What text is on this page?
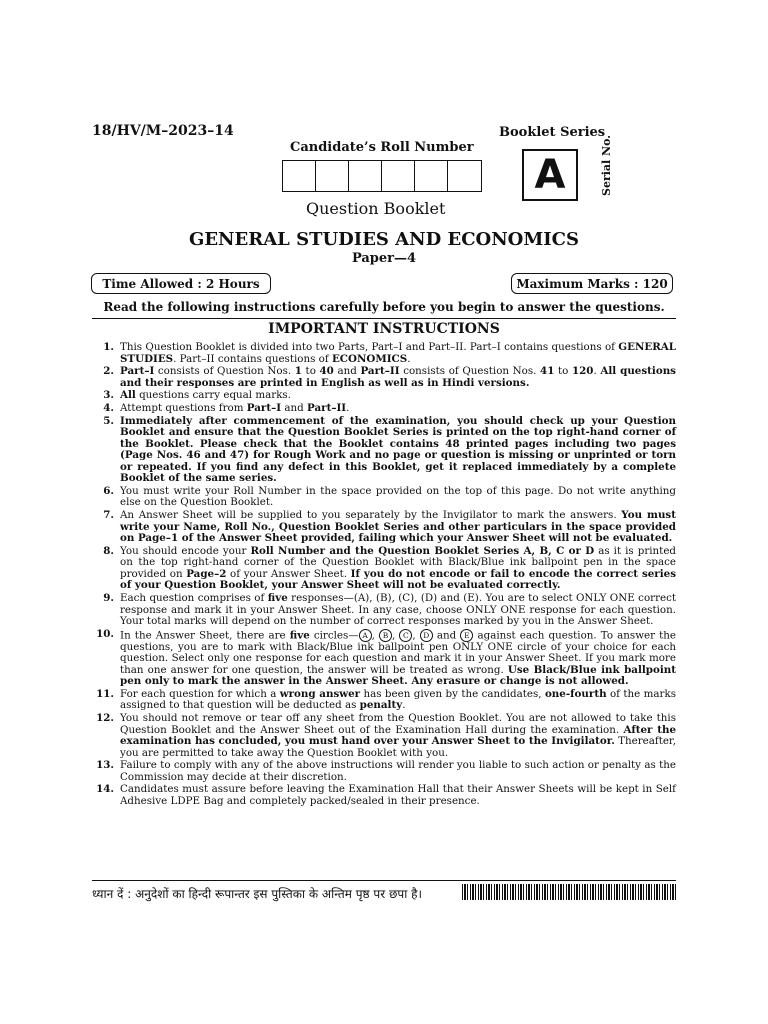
18/HV/M–2023–14	Booklet Series
Candidate’s Roll Number
A	Serial No.
Question Booklet
GENERAL STUDIES AND ECONOMICS
Paper—4
Time Allowed : 2 Hours	Maximum Marks : 120
Read the following instructions carefully before you begin to answer the questions.
IMPORTANT INSTRUCTIONS
1. This Question Booklet is divided into two Parts, Part–I and Part–II. Part–I contains questions of GENERAL STUDIES. Part–II contains questions of ECONOMICS.
2. Part–I consists of Question Nos. 1 to 40 and Part–II consists of Question Nos. 41 to 120. All questions and their responses are printed in English as well as in Hindi versions.
3. All questions carry equal marks.
4. Attempt questions from Part–I and Part–II.
5. Immediately after commencement of the examination, you should check up your Question Booklet and ensure that the Question Booklet Series is printed on the top right-hand corner of the Booklet. Please check that the Booklet contains 48 printed pages including two pages (Page Nos. 46 and 47) for Rough Work and no page or question is missing or unprinted or torn or repeated. If you find any defect in this Booklet, get it replaced immediately by a complete Booklet of the same series.
6. You must write your Roll Number in the space provided on the top of this page. Do not write anything else on the Question Booklet.
7. An Answer Sheet will be supplied to you separately by the Invigilator to mark the answers. You must write your Name, Roll No., Question Booklet Series and other particulars in the space provided on Page–1 of the Answer Sheet provided, failing which your Answer Sheet will not be evaluated.
8. You should encode your Roll Number and the Question Booklet Series A, B, C or D as it is printed on the top right-hand corner of the Question Booklet with Black/Blue ink ballpoint pen in the space provided on Page–2 of your Answer Sheet. If you do not encode or fail to encode the correct series of your Question Booklet, your Answer Sheet will not be evaluated correctly.
9. Each question comprises of five responses—(A), (B), (C), (D) and (E). You are to select ONLY ONE correct response and mark it in your Answer Sheet. In any case, choose ONLY ONE response for each question. Your total marks will depend on the number of correct responses marked by you in the Answer Sheet.
10. In the Answer Sheet, there are five circles— A , B , C , D and E against each question. To answer the questions, you are to mark with Black/Blue ink ballpoint pen ONLY ONE circle of your choice for each question. Select only one response for each question and mark it in your Answer Sheet. If you mark more than one answer for one question, the answer will be treated as wrong. Use Black/Blue ink ballpoint pen only to mark the answer in the Answer Sheet. Any erasure or change is not allowed.
11. For each question for which a wrong answer has been given by the candidates, one-fourth of the marks assigned to that question will be deducted as penalty.
12. You should not remove or tear off any sheet from the Question Booklet. You are not allowed to take this Question Booklet and the Answer Sheet out of the Examination Hall during the examination. After the examination has concluded, you must hand over your Answer Sheet to the Invigilator. Thereafter, you are permitted to take away the Question Booklet with you.
13. Failure to comply with any of the above instructions will render you liable to such action or penalty as the Commission may decide at their discretion.
14. Candidates must assure before leaving the Examination Hall that their Answer Sheets will be kept in Self Adhesive LDPE Bag and completely packed/sealed in their presence.
ध्यान दें : अनुदेशों का हिन्दी रूपान्तर इस पुस्तिका के अन्तिम पृष्ठ पर छपा है।
